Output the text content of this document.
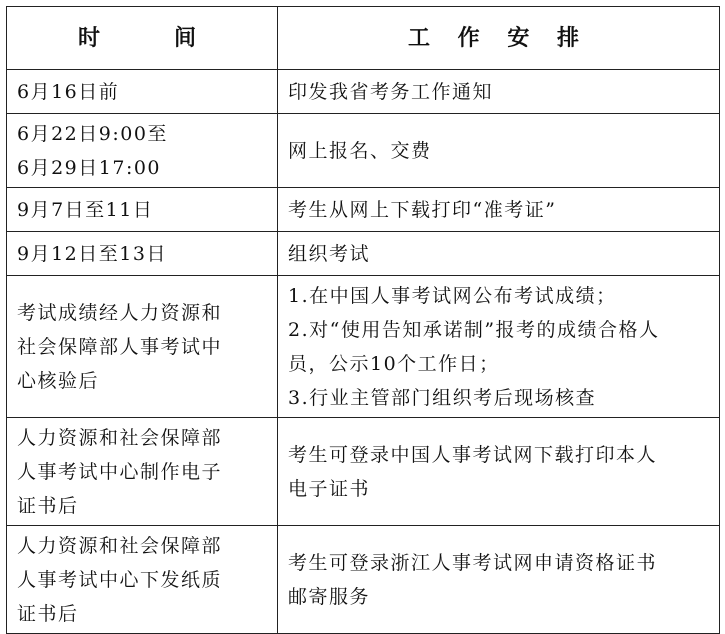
时　　间	工 作 安 排

6月16日前	印发我省考务工作通知

6月22日9:00至
6月29日17:00	网上报名、交费

9月7日至11日	考生从网上下载打印“准考证”

9月12日至13日	组织考试

考试成绩经人力资源和
社会保障部人事考试中
心核验后	1.在中国人事考试网公布考试成绩；
2.对“使用告知承诺制”报考的成绩合格人
员，公示10个工作日；
3.行业主管部门组织考后现场核查

人力资源和社会保障部
人事考试中心制作电子
证书后	考生可登录中国人事考试网下载打印本人
电子证书

人力资源和社会保障部
人事考试中心下发纸质
证书后	考生可登录浙江人事考试网申请资格证书
邮寄服务
